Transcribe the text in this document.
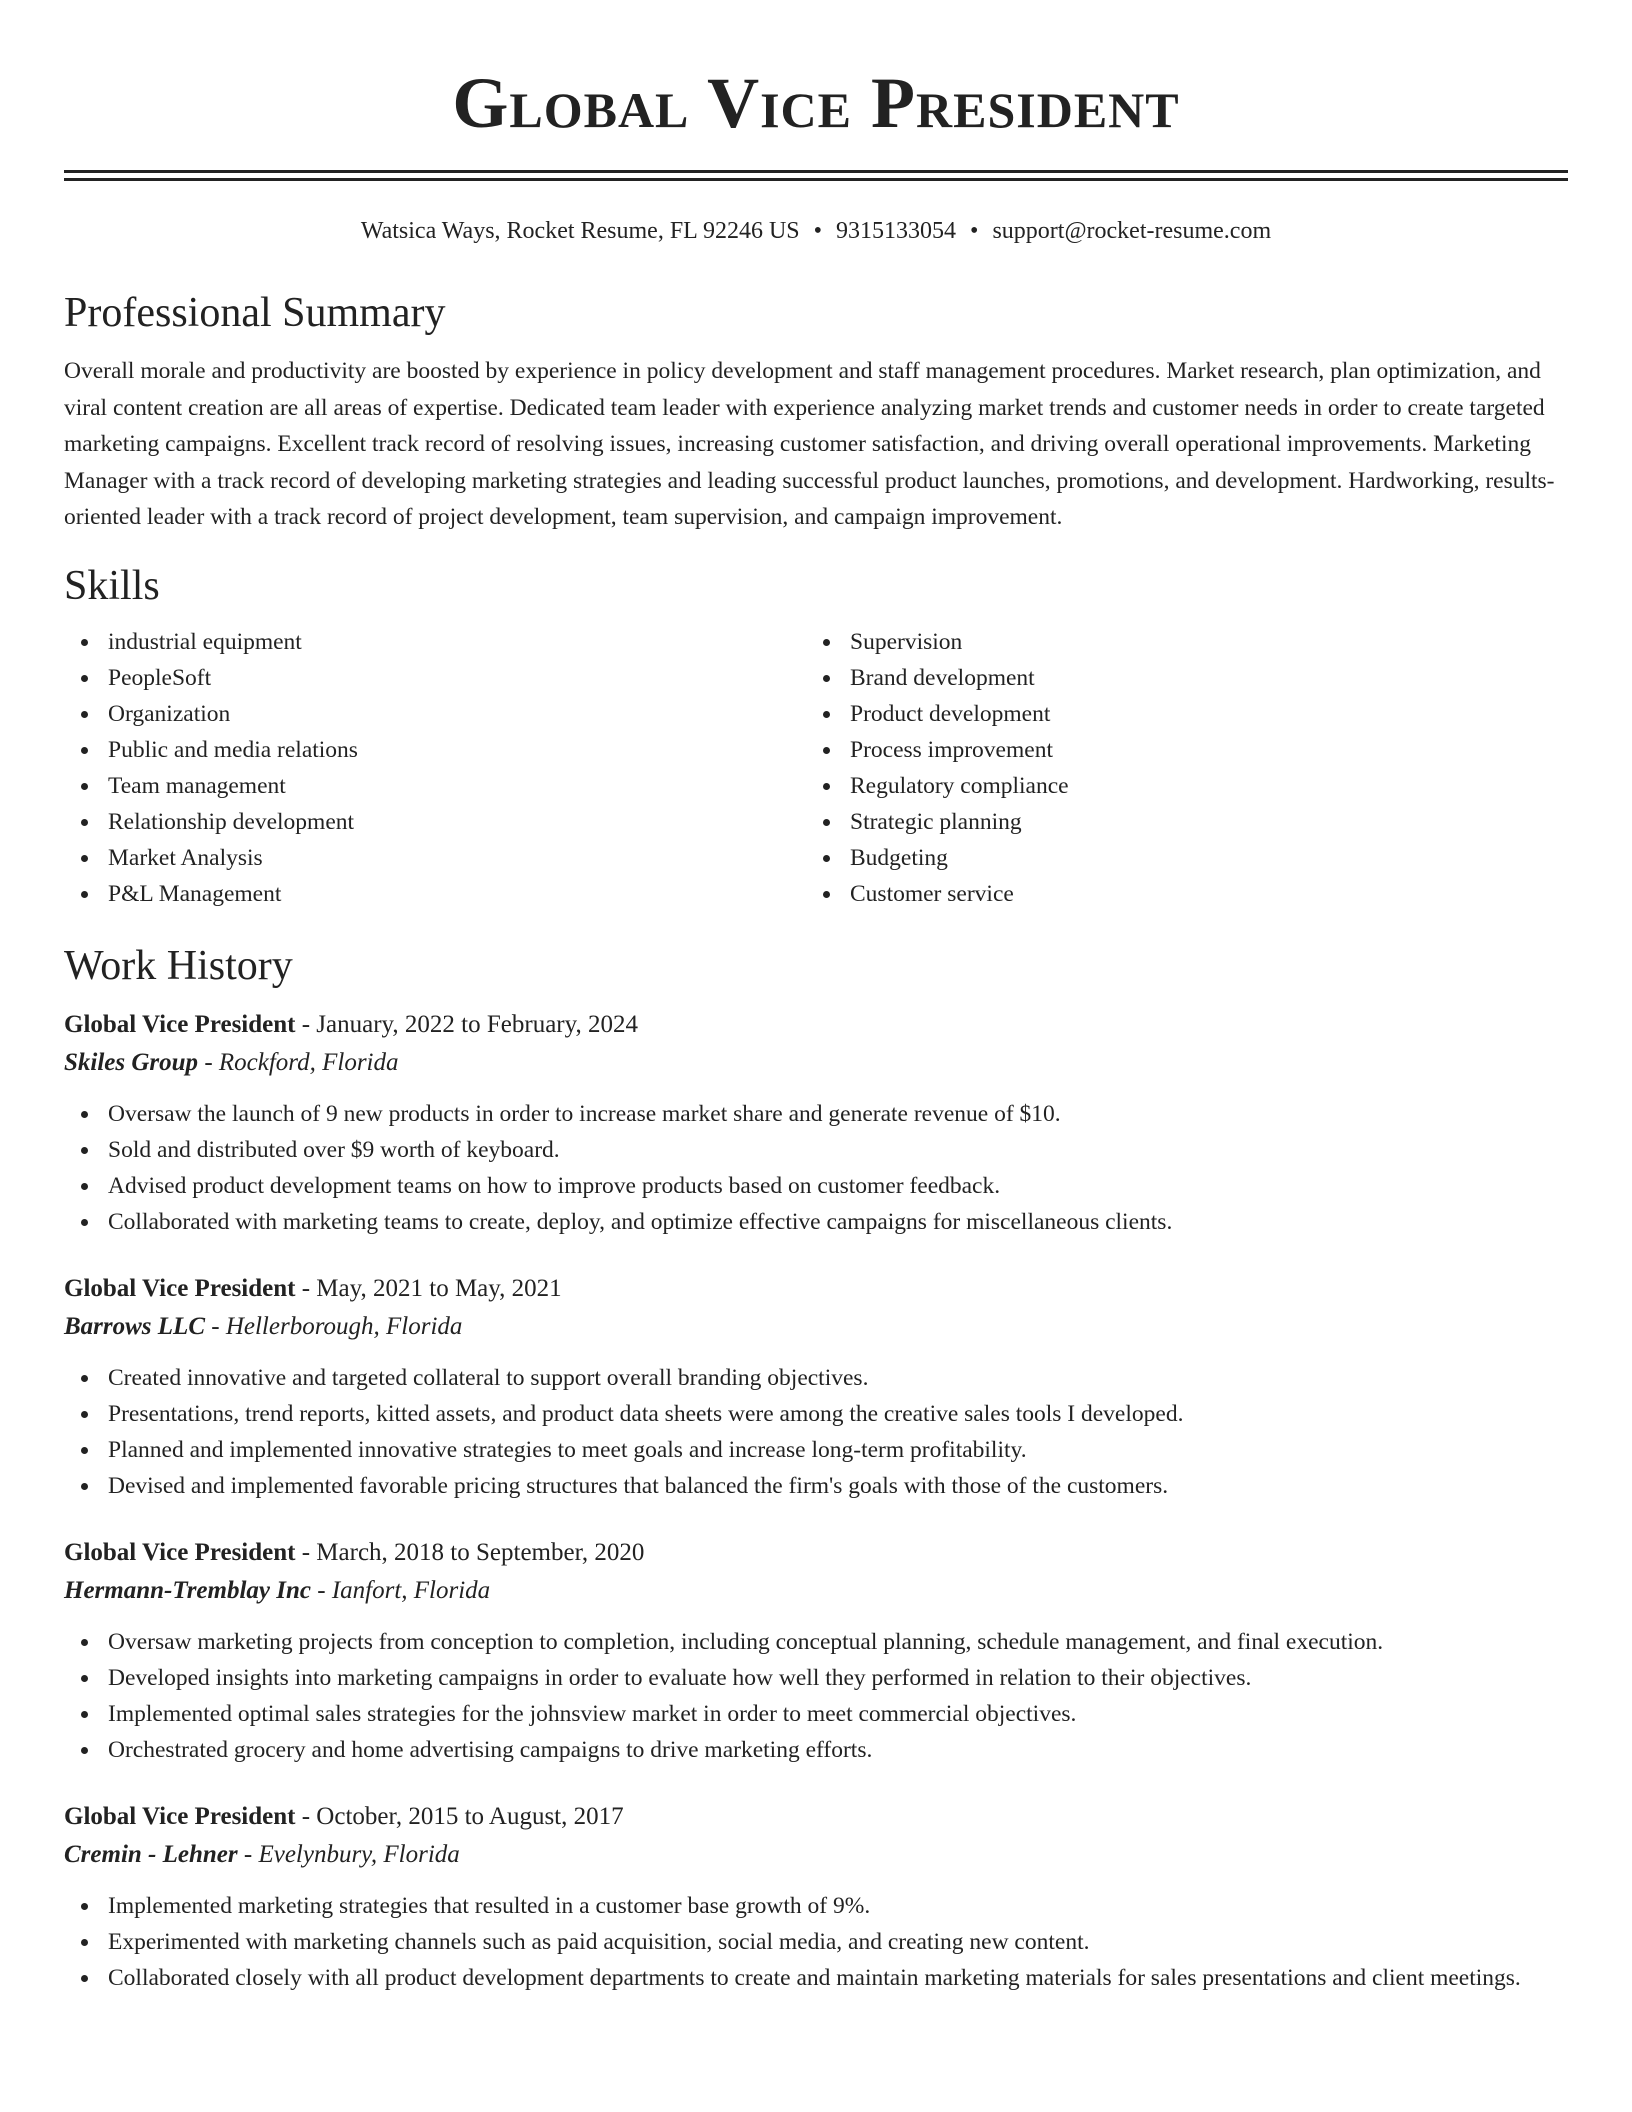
Global Vice President
Watsica Ways, Rocket Resume, FL 92246 US • 9315133054 • support@rocket-resume.com
Professional Summary
Overall morale and productivity are boosted by experience in policy development and staff management procedures. Market research, plan optimization, and viral content creation are all areas of expertise. Dedicated team leader with experience analyzing market trends and customer needs in order to create targeted marketing campaigns. Excellent track record of resolving issues, increasing customer satisfaction, and driving overall operational improvements. Marketing Manager with a track record of developing marketing strategies and leading successful product launches, promotions, and development. Hardworking, results-oriented leader with a track record of project development, team supervision, and campaign improvement.
Skills
industrial equipment
PeopleSoft
Organization
Public and media relations
Team management
Relationship development
Market Analysis
P&L Management
Supervision
Brand development
Product development
Process improvement
Regulatory compliance
Strategic planning
Budgeting
Customer service
Work History
Global Vice President - January, 2022 to February, 2024
Skiles Group - Rockford, Florida
Oversaw the launch of 9 new products in order to increase market share and generate revenue of $10.
Sold and distributed over $9 worth of keyboard.
Advised product development teams on how to improve products based on customer feedback.
Collaborated with marketing teams to create, deploy, and optimize effective campaigns for miscellaneous clients.
Global Vice President - May, 2021 to May, 2021
Barrows LLC - Hellerborough, Florida
Created innovative and targeted collateral to support overall branding objectives.
Presentations, trend reports, kitted assets, and product data sheets were among the creative sales tools I developed.
Planned and implemented innovative strategies to meet goals and increase long-term profitability.
Devised and implemented favorable pricing structures that balanced the firm's goals with those of the customers.
Global Vice President - March, 2018 to September, 2020
Hermann-Tremblay Inc - Ianfort, Florida
Oversaw marketing projects from conception to completion, including conceptual planning, schedule management, and final execution.
Developed insights into marketing campaigns in order to evaluate how well they performed in relation to their objectives.
Implemented optimal sales strategies for the johnsview market in order to meet commercial objectives.
Orchestrated grocery and home advertising campaigns to drive marketing efforts.
Global Vice President - October, 2015 to August, 2017
Cremin - Lehner - Evelynbury, Florida
Implemented marketing strategies that resulted in a customer base growth of 9%.
Experimented with marketing channels such as paid acquisition, social media, and creating new content.
Collaborated closely with all product development departments to create and maintain marketing materials for sales presentations and client meetings.
